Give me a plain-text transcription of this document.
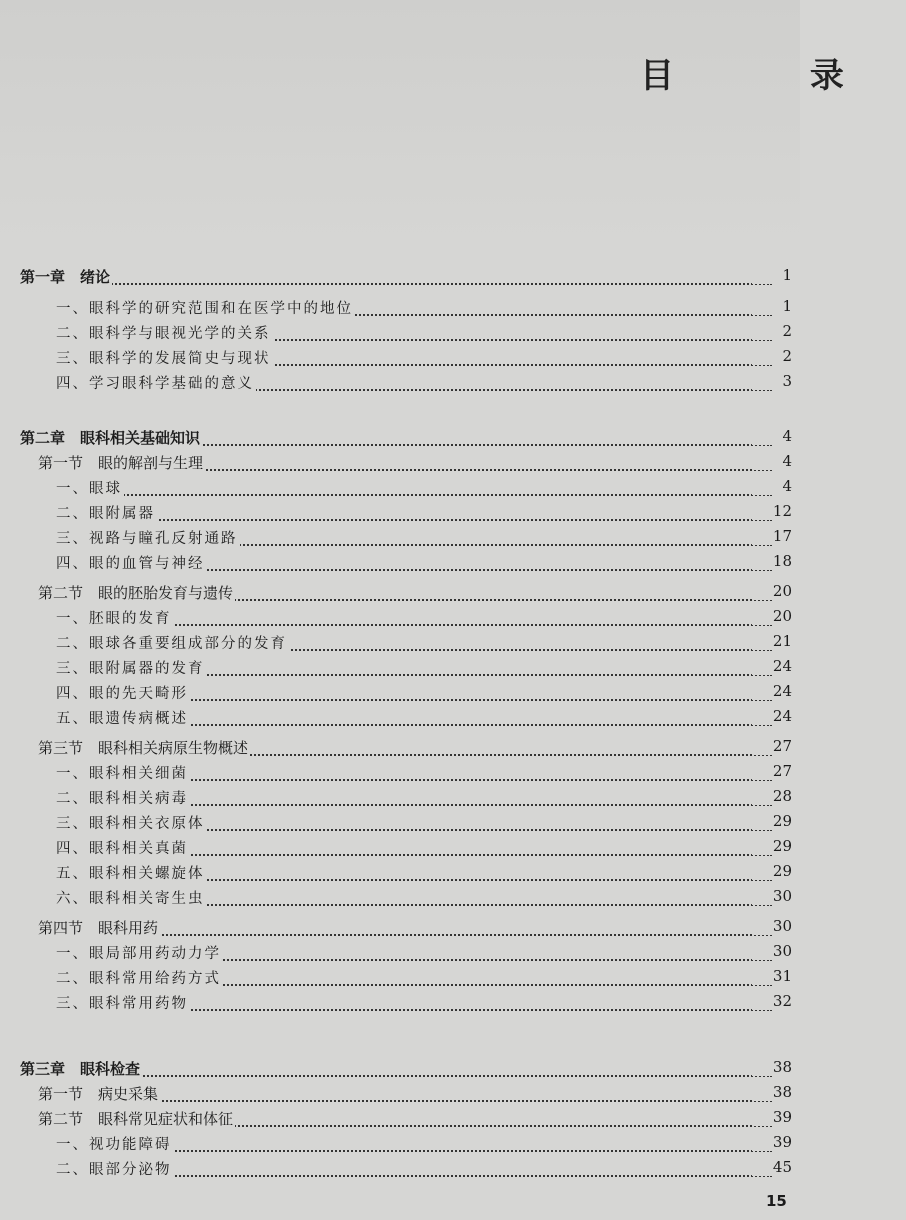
目 录
第一章　绪论	1
一、眼科学的研究范围和在医学中的地位	1
二、眼科学与眼视光学的关系	2
三、眼科学的发展简史与现状	2
四、学习眼科学基础的意义	3
第二章　眼科相关基础知识	4
第一节　眼的解剖与生理	4
一、眼球	4
二、眼附属器	12
三、视路与瞳孔反射通路	17
四、眼的血管与神经	18
第二节　眼的胚胎发育与遗传	20
一、胚眼的发育	20
二、眼球各重要组成部分的发育	21
三、眼附属器的发育	24
四、眼的先天畸形	24
五、眼遗传病概述	24
第三节　眼科相关病原生物概述	27
一、眼科相关细菌	27
二、眼科相关病毒	28
三、眼科相关衣原体	29
四、眼科相关真菌	29
五、眼科相关螺旋体	29
六、眼科相关寄生虫	30
第四节　眼科用药	30
一、眼局部用药动力学	30
二、眼科常用给药方式	31
三、眼科常用药物	32
第三章　眼科检查	38
第一节　病史采集	38
第二节　眼科常见症状和体征	39
一、视功能障碍	39
二、眼部分泌物	45
15
